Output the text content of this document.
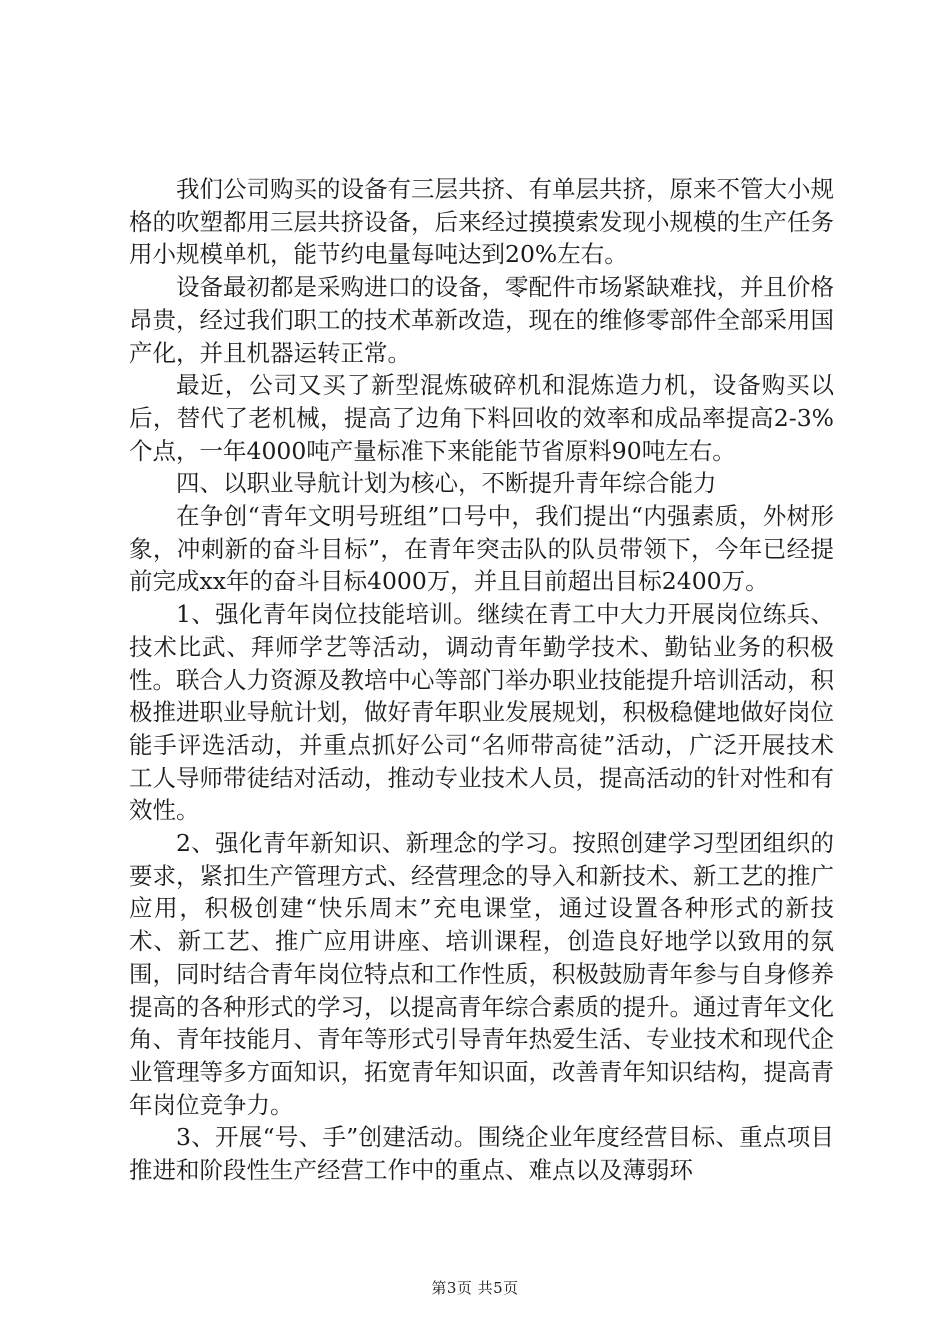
我们公司购买的设备有三层共挤、有单层共挤，原来不管大小规格的吹塑都用三层共挤设备，后来经过摸摸索发现小规模的生产任务用小规模单机，能节约电量每吨达到20%左右。

设备最初都是采购进口的设备，零配件市场紧缺难找，并且价格昂贵，经过我们职工的技术革新改造，现在的维修零部件全部采用国产化，并且机器运转正常。

最近，公司又买了新型混炼破碎机和混炼造力机，设备购买以后，替代了老机械，提高了边角下料回收的效率和成品率提高2-3%个点，一年4000吨产量标准下来能能节省原料90吨左右。

四、以职业导航计划为核心，不断提升青年综合能力

在争创“青年文明号班组”口号中，我们提出“内强素质，外树形象，冲刺新的奋斗目标”，在青年突击队的队员带领下，今年已经提前完成xx年的奋斗目标4000万，并且目前超出目标2400万。

1、强化青年岗位技能培训。继续在青工中大力开展岗位练兵、技术比武、拜师学艺等活动，调动青年勤学技术、勤钻业务的积极性。联合人力资源及教培中心等部门举办职业技能提升培训活动，积极推进职业导航计划，做好青年职业发展规划，积极稳健地做好岗位能手评选活动，并重点抓好公司“名师带高徒”活动，广泛开展技术工人导师带徒结对活动，推动专业技术人员，提高活动的针对性和有效性。

2、强化青年新知识、新理念的学习。按照创建学习型团组织的要求，紧扣生产管理方式、经营理念的导入和新技术、新工艺的推广应用，积极创建“快乐周末”充电课堂，通过设置各种形式的新技术、新工艺、推广应用讲座、培训课程，创造良好地学以致用的氛围，同时结合青年岗位特点和工作性质，积极鼓励青年参与自身修养提高的各种形式的学习，以提高青年综合素质的提升。通过青年文化角、青年技能月、青年等形式引导青年热爱生活、专业技术和现代企业管理等多方面知识，拓宽青年知识面，改善青年知识结构，提高青年岗位竞争力。

3、开展“号、手”创建活动。围绕企业年度经营目标、重点项目推进和阶段性生产经营工作中的重点、难点以及薄弱环

第3页 共5页
